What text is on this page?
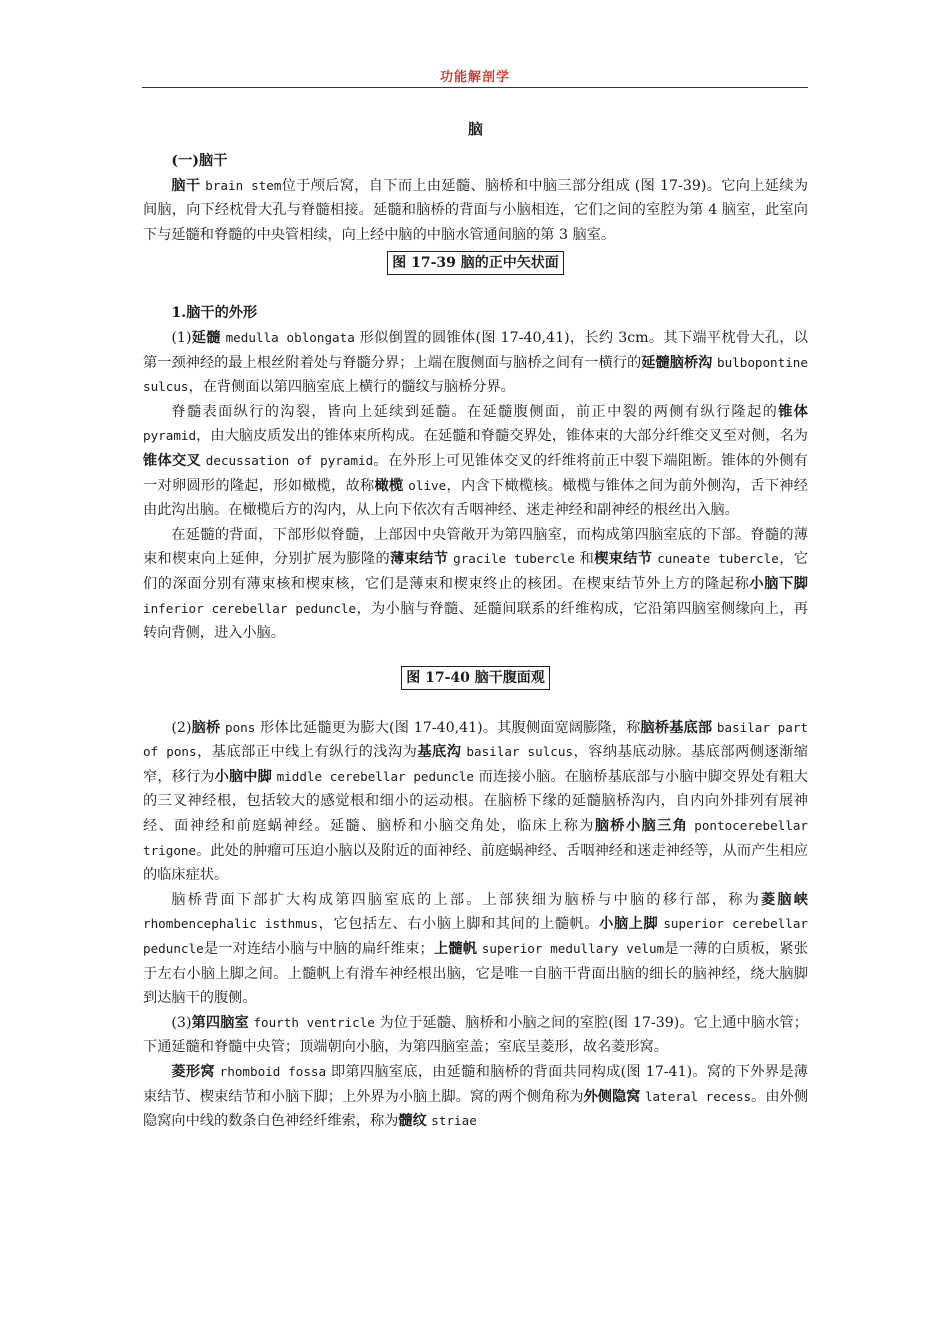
功能解剖学
脑

(一)脑干

脑干 brain stem位于颅后窝，自下而上由延髓、脑桥和中脑三部分组成 (图 17-39)。它向上延续为间脑，向下经枕骨大孔与脊髓相接。延髓和脑桥的背面与小脑相连，它们之间的室腔为第 4 脑室，此室向下与延髓和脊髓的中央管相续，向上经中脑的中脑水管通间脑的第 3 脑室。

图 17-39 脑的正中矢状面

1.脑干的外形

(1)延髓 medulla oblongata 形似倒置的圆锥体(图 17-40,41)，长约 3cm。其下端平枕骨大孔，以第一颈神经的最上根丝附着处与脊髓分界；上端在腹侧面与脑桥之间有一横行的延髓脑桥沟 bulbopontine sulcus，在背侧面以第四脑室底上横行的髓纹与脑桥分界。

脊髓表面纵行的沟裂，皆向上延续到延髓。在延髓腹侧面，前正中裂的两侧有纵行隆起的锥体 pyramid，由大脑皮质发出的锥体束所构成。在延髓和脊髓交界处，锥体束的大部分纤维交叉至对侧，名为锥体交叉 decussation of pyramid。在外形上可见锥体交叉的纤维将前正中裂下端阻断。锥体的外侧有一对卵圆形的隆起，形如橄榄，故称橄榄 olive，内含下橄榄核。橄榄与锥体之间为前外侧沟，舌下神经由此沟出脑。在橄榄后方的沟内，从上向下依次有舌咽神经、迷走神经和副神经的根丝出入脑。

在延髓的背面，下部形似脊髓，上部因中央管敞开为第四脑室，而构成第四脑室底的下部。脊髓的薄束和楔束向上延伸，分别扩展为膨隆的薄束结节 gracile tubercle 和楔束结节 cuneate tubercle，它们的深面分别有薄束核和楔束核，它们是薄束和楔束终止的核团。在楔束结节外上方的隆起称小脑下脚 inferior cerebellar peduncle，为小脑与脊髓、延髓间联系的纤维构成，它沿第四脑室侧缘向上，再转向背侧，进入小脑。

图 17-40 脑干腹面观

(2)脑桥 pons 形体比延髓更为膨大(图 17-40,41)。其腹侧面宽阔膨隆，称脑桥基底部 basilar part of pons，基底部正中线上有纵行的浅沟为基底沟 basilar sulcus，容纳基底动脉。基底部两侧逐渐缩窄，移行为小脑中脚 middle cerebellar peduncle 而连接小脑。在脑桥基底部与小脑中脚交界处有粗大的三叉神经根，包括较大的感觉根和细小的运动根。在脑桥下缘的延髓脑桥沟内，自内向外排列有展神经、面神经和前庭蜗神经。延髓、脑桥和小脑交角处，临床上称为脑桥小脑三角 pontocerebellar trigone。此处的肿瘤可压迫小脑以及附近的面神经、前庭蜗神经、舌咽神经和迷走神经等，从而产生相应的临床症状。

脑桥背面下部扩大构成第四脑室底的上部。上部狭细为脑桥与中脑的移行部，称为菱脑峡 rhombencephalic isthmus，它包括左、右小脑上脚和其间的上髓帆。小脑上脚 superior cerebellar peduncle是一对连结小脑与中脑的扁纤维束；上髓帆 superior medullary velum是一薄的白质板，紧张于左右小脑上脚之间。上髓帆上有滑车神经根出脑，它是唯一自脑干背面出脑的细长的脑神经，绕大脑脚到达脑干的腹侧。

(3)第四脑室 fourth ventricle 为位于延髓、脑桥和小脑之间的室腔(图 17-39)。它上通中脑水管；下通延髓和脊髓中央管；顶端朝向小脑，为第四脑室盖；室底呈菱形，故名菱形窝。

菱形窝 rhomboid fossa 即第四脑室底，由延髓和脑桥的背面共同构成(图 17-41)。窝的下外界是薄束结节、楔束结节和小脑下脚；上外界为小脑上脚。窝的两个侧角称为外侧隐窝 lateral recess。由外侧隐窝向中线的数条白色神经纤维索，称为髓纹 striae
